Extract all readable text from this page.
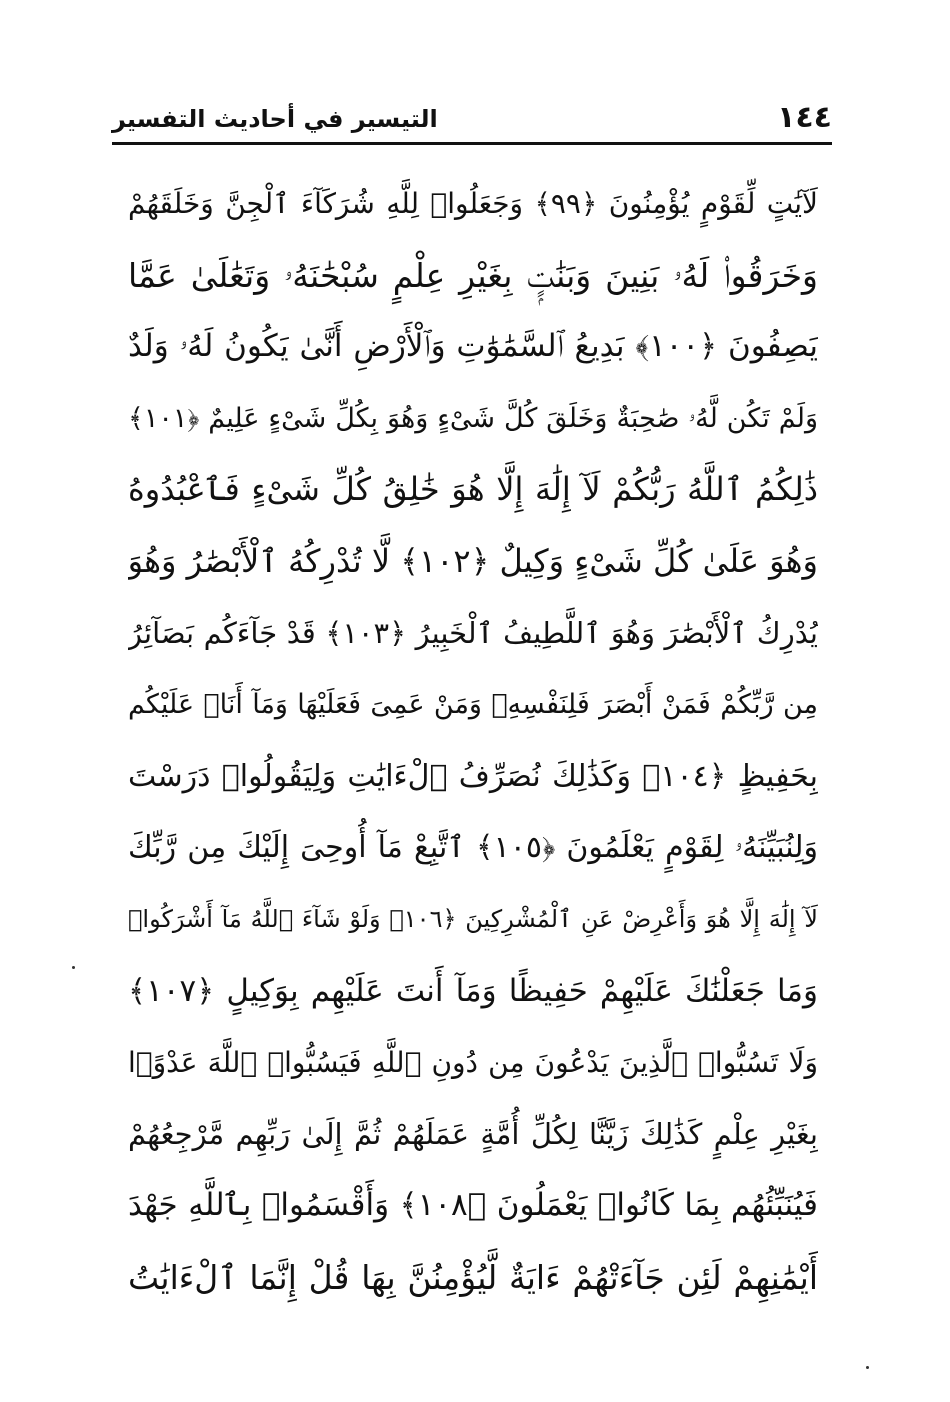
١٤٤
التيسير في أحاديث التفسير
لَآيَٰتٍ لِّقَوْمٍ يُؤْمِنُونَ ﴿٩٩﴾ وَجَعَلُوا۟ لِلَّهِ شُرَكَآءَ ٱلْجِنَّ وَخَلَقَهُمْ
وَخَرَقُوا۟ لَهُۥ بَنِينَ وَبَنَٰتٍۭ بِغَيْرِ عِلْمٍ سُبْحَٰنَهُۥ وَتَعَٰلَىٰ عَمَّا
يَصِفُونَ ﴿١٠٠﴾ بَدِيعُ ٱلسَّمَٰوَٰتِ وَٱلْأَرْضِ أَنَّىٰ يَكُونُ لَهُۥ وَلَدٌ
وَلَمْ تَكُن لَّهُۥ صَٰحِبَةٌ وَخَلَقَ كُلَّ شَىْءٍ وَهُوَ بِكُلِّ شَىْءٍ عَلِيمٌ ﴿١٠١﴾
ذَٰلِكُمُ ٱللَّهُ رَبُّكُمْ لَآ إِلَٰهَ إِلَّا هُوَ خَٰلِقُ كُلِّ شَىْءٍ فَٱعْبُدُوهُ
وَهُوَ عَلَىٰ كُلِّ شَىْءٍ وَكِيلٌ ﴿١٠٢﴾ لَّا تُدْرِكُهُ ٱلْأَبْصَٰرُ وَهُوَ
يُدْرِكُ ٱلْأَبْصَٰرَ وَهُوَ ٱللَّطِيفُ ٱلْخَبِيرُ ﴿١٠٣﴾ قَدْ جَآءَكُم بَصَآئِرُ
مِن رَّبِّكُمْ فَمَنْ أَبْصَرَ فَلِنَفْسِهِۦ وَمَنْ عَمِىَ فَعَلَيْهَا وَمَآ أَنَا۠ عَلَيْكُم
بِحَفِيظٍ ﴿١٠٤﴾ وَكَذَٰلِكَ نُصَرِّفُ ٱلْءَايَٰتِ وَلِيَقُولُوا۟ دَرَسْتَ
وَلِنُبَيِّنَهُۥ لِقَوْمٍ يَعْلَمُونَ ﴿١٠٥﴾ ٱتَّبِعْ مَآ أُوحِىَ إِلَيْكَ مِن رَّبِّكَ
لَآ إِلَٰهَ إِلَّا هُوَ وَأَعْرِضْ عَنِ ٱلْمُشْرِكِينَ ﴿١٠٦﴾ وَلَوْ شَآءَ ٱللَّهُ مَآ أَشْرَكُوا۟
وَمَا جَعَلْنَٰكَ عَلَيْهِمْ حَفِيظًا وَمَآ أَنتَ عَلَيْهِم بِوَكِيلٍ ﴿١٠٧﴾
وَلَا تَسُبُّوا۟ ٱلَّذِينَ يَدْعُونَ مِن دُونِ ٱللَّهِ فَيَسُبُّوا۟ ٱللَّهَ عَدْوًۢا
بِغَيْرِ عِلْمٍ كَذَٰلِكَ زَيَّنَّا لِكُلِّ أُمَّةٍ عَمَلَهُمْ ثُمَّ إِلَىٰ رَبِّهِم مَّرْجِعُهُمْ
فَيُنَبِّئُهُم بِمَا كَانُوا۟ يَعْمَلُونَ ﴿١٠٨﴾ وَأَقْسَمُوا۟ بِٱللَّهِ جَهْدَ
أَيْمَٰنِهِمْ لَئِن جَآءَتْهُمْ ءَايَةٌ لَّيُؤْمِنُنَّ بِهَا قُلْ إِنَّمَا ٱلْءَايَٰتُ
